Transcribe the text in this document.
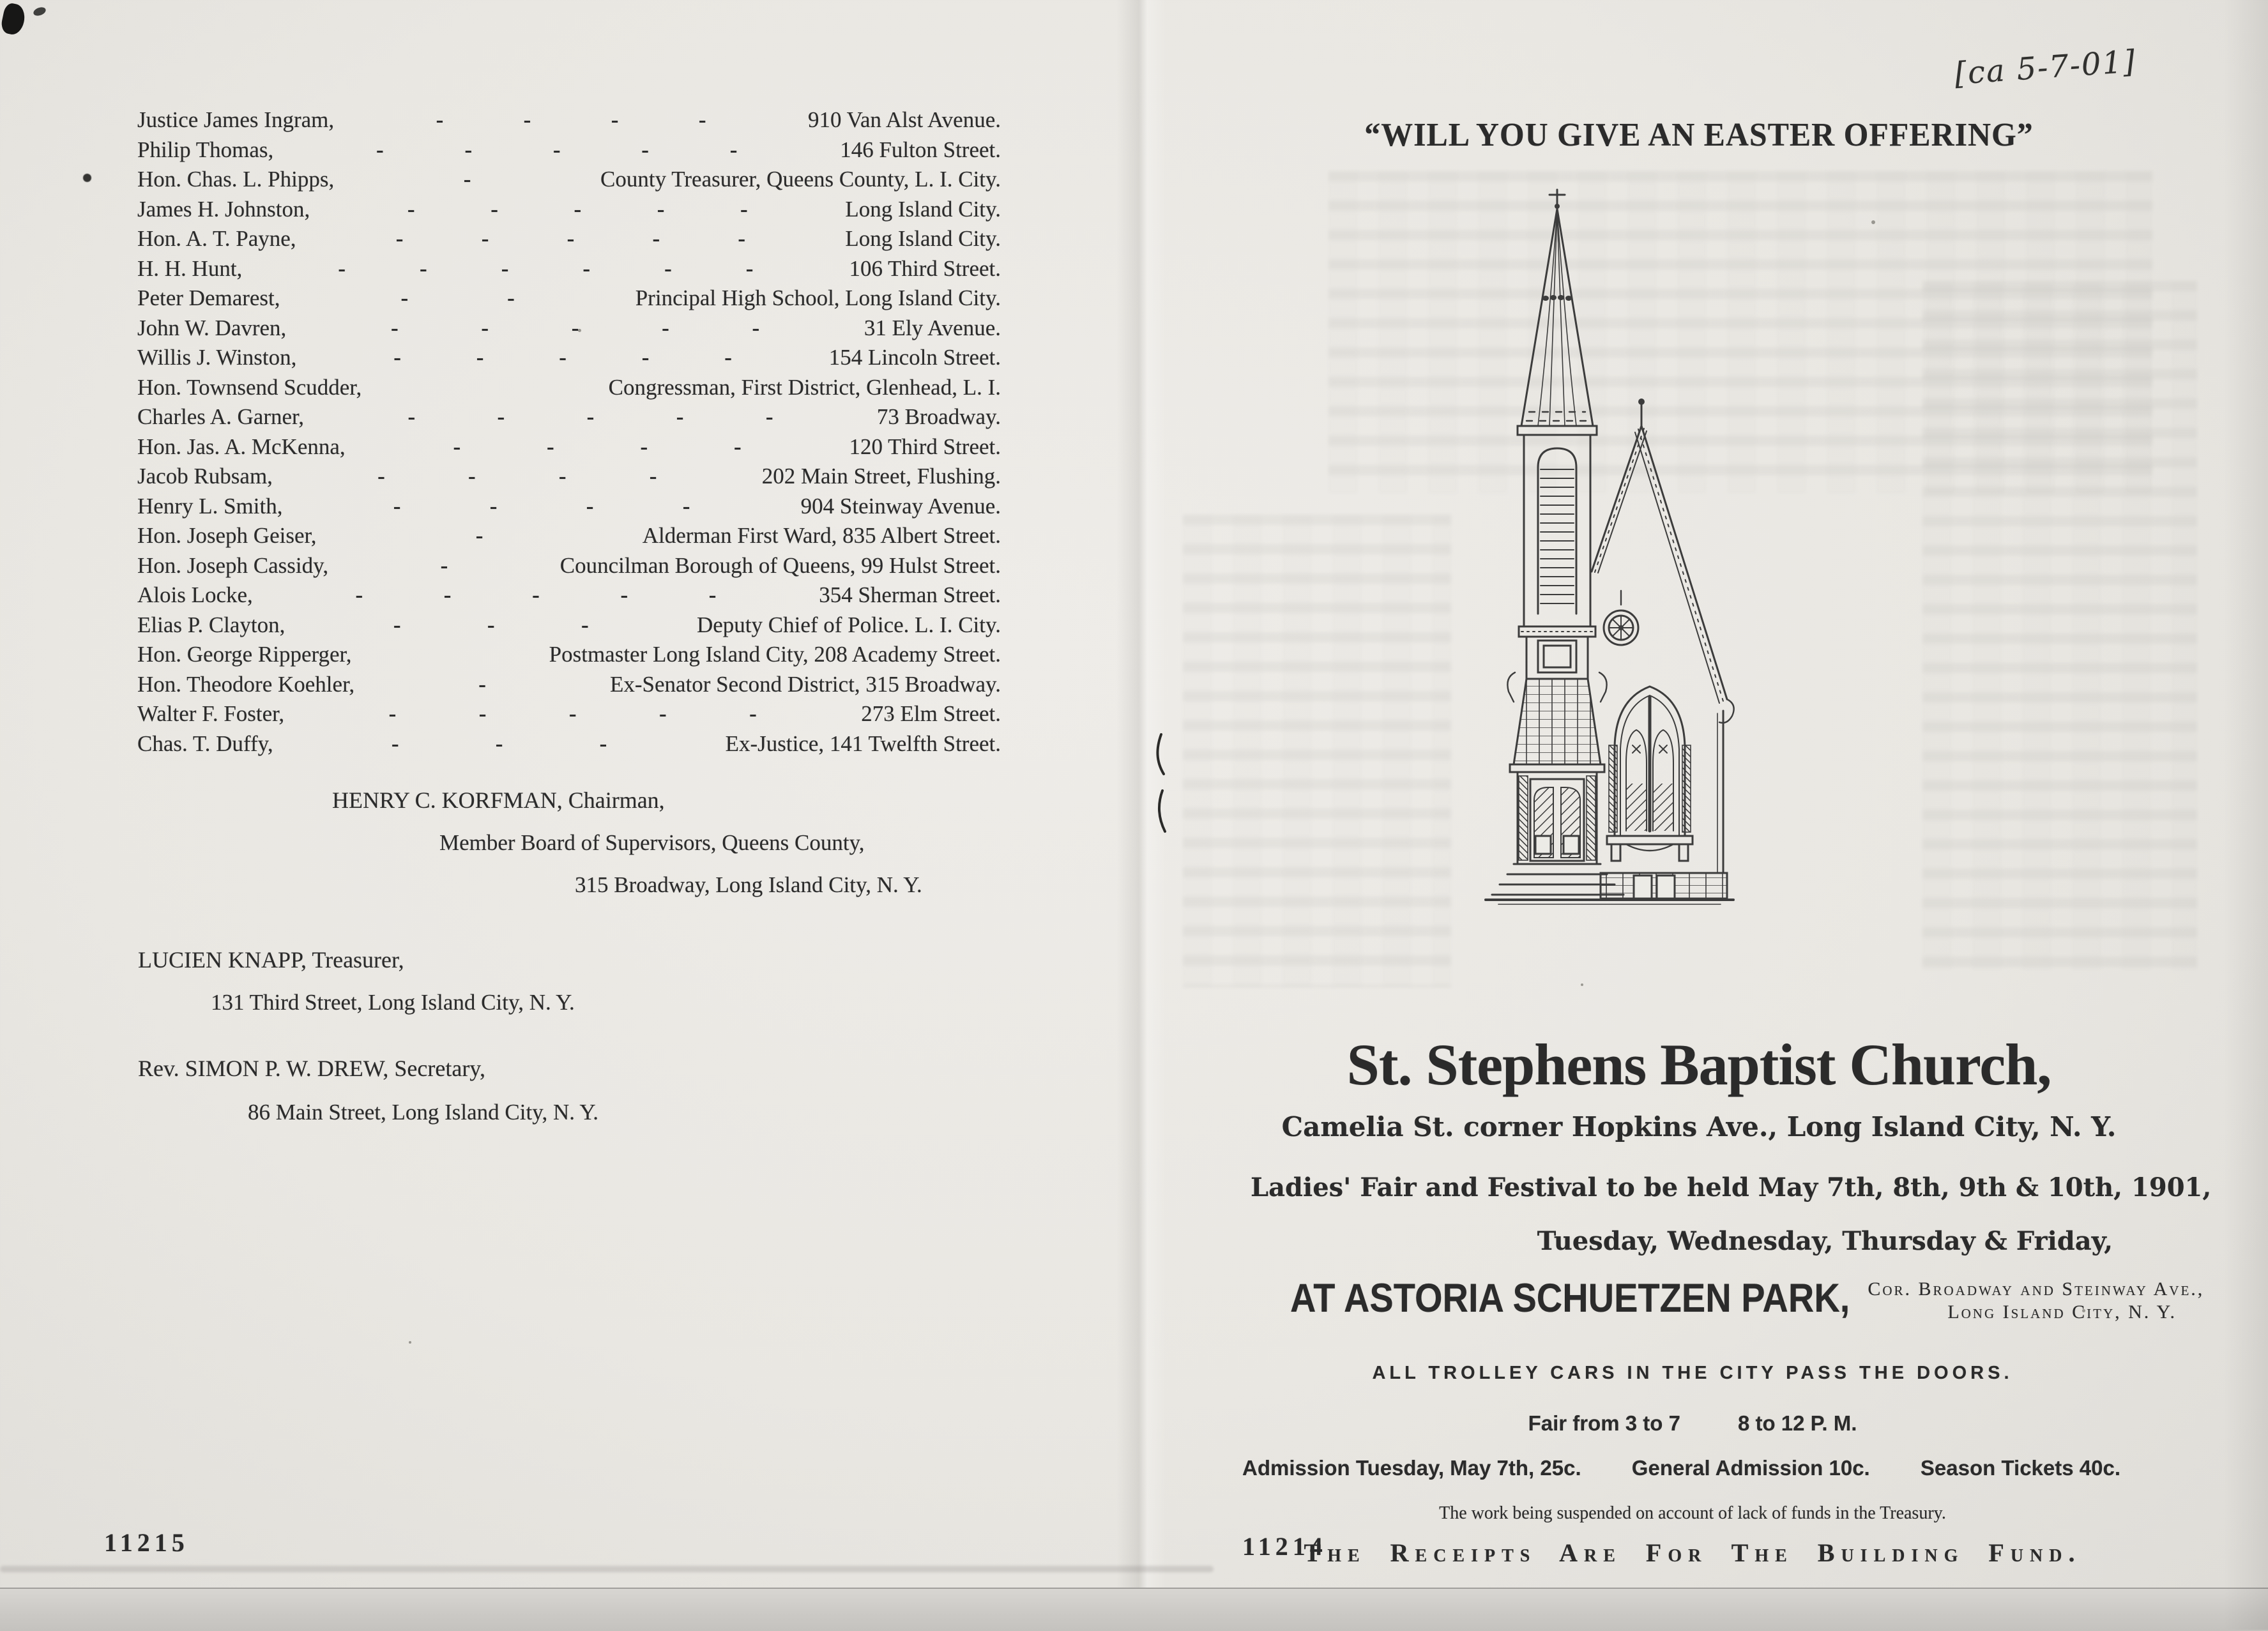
Justice James Ingram,	-	-	-	-	910 Van Alst Avenue.
Philip Thomas,	-	-	-	-	-	146 Fulton Street.
Hon. Chas. L. Phipps,	-	County Treasurer, Queens County, L. I. City.
James H. Johnston,	-	-	-	-	-	Long Island City.
Hon. A. T. Payne,	-	-	-	-	-	Long Island City.
H. H. Hunt,	-	-	-	-	-	-	106 Third Street.
Peter Demarest,	-	-	Principal High School, Long Island City.
John W. Davren,	-	-	-	-	-	31 Ely Avenue.
Willis J. Winston,	-	-	-	-	-	154 Lincoln Street.
Hon. Townsend Scudder,	Congressman, First District, Glenhead, L. I.
Charles A. Garner,	-	-	-	-	-	73 Broadway.
Hon. Jas. A. McKenna,	-	-	-	-	120 Third Street.
Jacob Rubsam,	-	-	-	-	202 Main Street, Flushing.
Henry L. Smith,	-	-	-	-	904 Steinway Avenue.
Hon. Joseph Geiser,	-	Alderman First Ward, 835 Albert Street.
Hon. Joseph Cassidy,	-	Councilman Borough of Queens, 99 Hulst Street.
Alois Locke,	-	-	-	-	-	354 Sherman Street.
Elias P. Clayton,	-	-	-	Deputy Chief of Police. L. I. City.
Hon. George Ripperger,	Postmaster Long Island City, 208 Academy Street.
Hon. Theodore Koehler,	-	Ex-Senator Second District, 315 Broadway.
Walter F. Foster,	-	-	-	-	-	273 Elm Street.
Chas. T. Duffy,	-	-	-	Ex-Justice, 141 Twelfth Street.
HENRY C. KORFMAN, Chairman,
Member Board of Supervisors, Queens County,
315 Broadway, Long Island City, N. Y.
LUCIEN KNAPP, Treasurer,
131 Third Street, Long Island City, N. Y.
Rev. SIMON P. W. DREW, Secretary,
86 Main Street, Long Island City, N. Y.
11215
[ca 5-7-01]
“WILL YOU GIVE AN EASTER OFFERING”
St. Stephens Baptist Church,
Camelia St. corner Hopkins Ave., Long Island City, N. Y.
Ladies' Fair and Festival to be held May 7th, 8th, 9th & 10th, 1901,
Tuesday, Wednesday, Thursday & Friday,
AT ASTORIA SCHUETZEN PARK, Cor. Broadway and Steinway Ave.,
Long Island City, N. Y.
ALL TROLLEY CARS IN THE CITY PASS THE DOORS.
Fair from 3 to 7	8 to 12 P. M.
Admission Tuesday, May 7th, 25c. General Admission 10c. Season Tickets 40c.
The work being suspended on account of lack of funds in the Treasury.
The Receipts Are For The Building Fund.
11214
